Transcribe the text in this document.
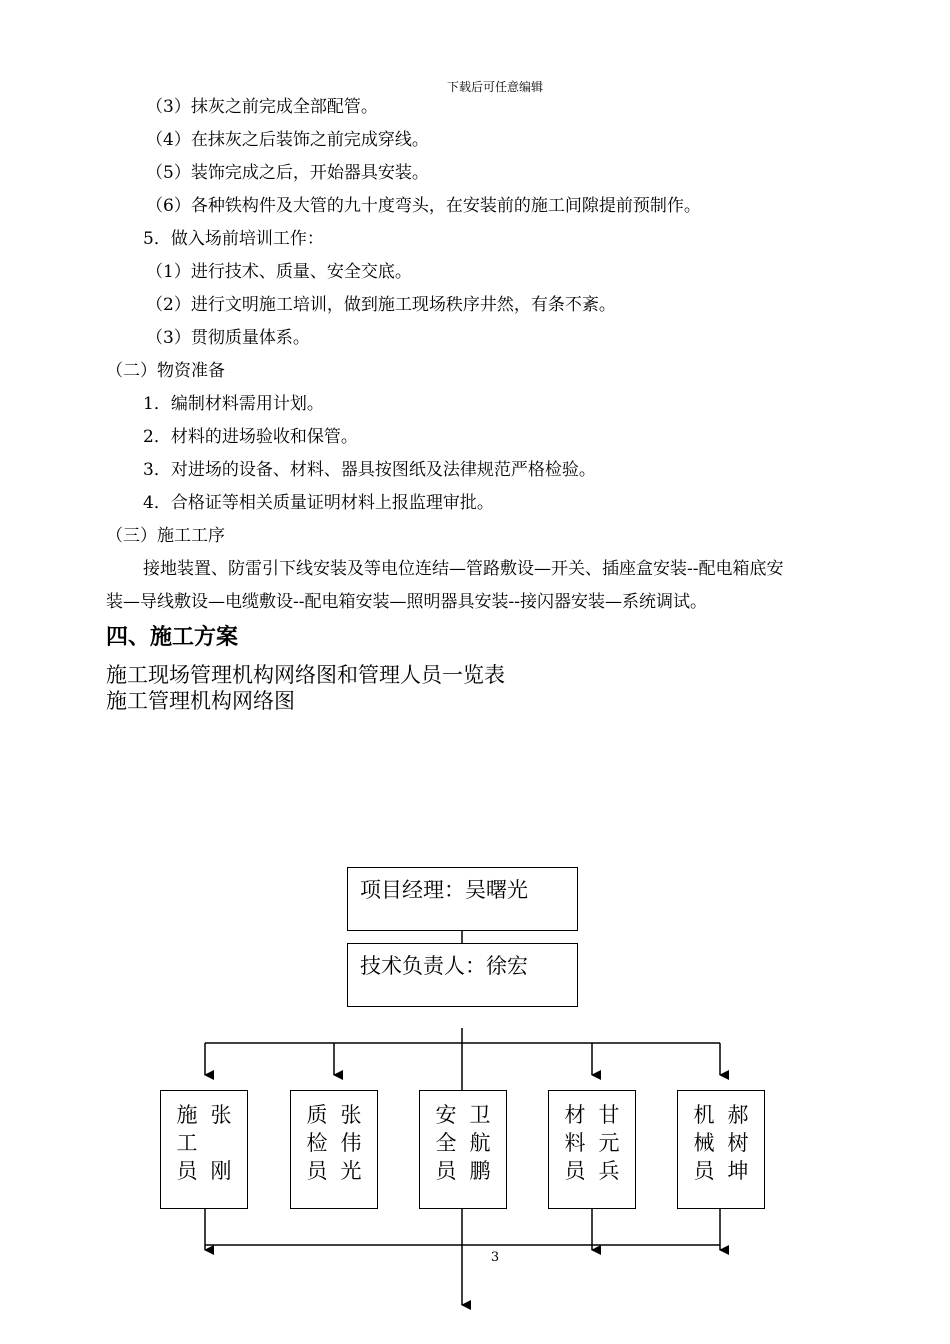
下载后可任意编辑
（3）抹灰之前完成全部配管。
（4）在抹灰之后装饰之前完成穿线。
（5）装饰完成之后，开始器具安装。
（6）各种铁构件及大管的九十度弯头，在安装前的施工间隙提前预制作。
5．做入场前培训工作：
（1）进行技术、质量、安全交底。
（2）进行文明施工培训，做到施工现场秩序井然，有条不紊。
（3）贯彻质量体系。
（二）物资准备
1．编制材料需用计划。
2．材料的进场验收和保管。
3．对进场的设备、材料、器具按图纸及法律规范严格检验。
4．合格证等相关质量证明材料上报监理审批。
（三）施工工序
接地装置、防雷引下线安装及等电位连结—管路敷设—开关、插座盒安装--配电箱底安
装—导线敷设—电缆敷设--配电箱安装—照明器具安装--接闪器安装—系统调试。
四、施工方案
施工现场管理机构网络图和管理人员一览表
施工管理机构网络图
项目经理：吴曙光
技术负责人：徐宏
施
工
员
张

刚
质
检
员
张
伟
光
安
全
员
卫
航
鹏
材
料
员
甘
元
兵
机
械
员
郝
树
坤
3
